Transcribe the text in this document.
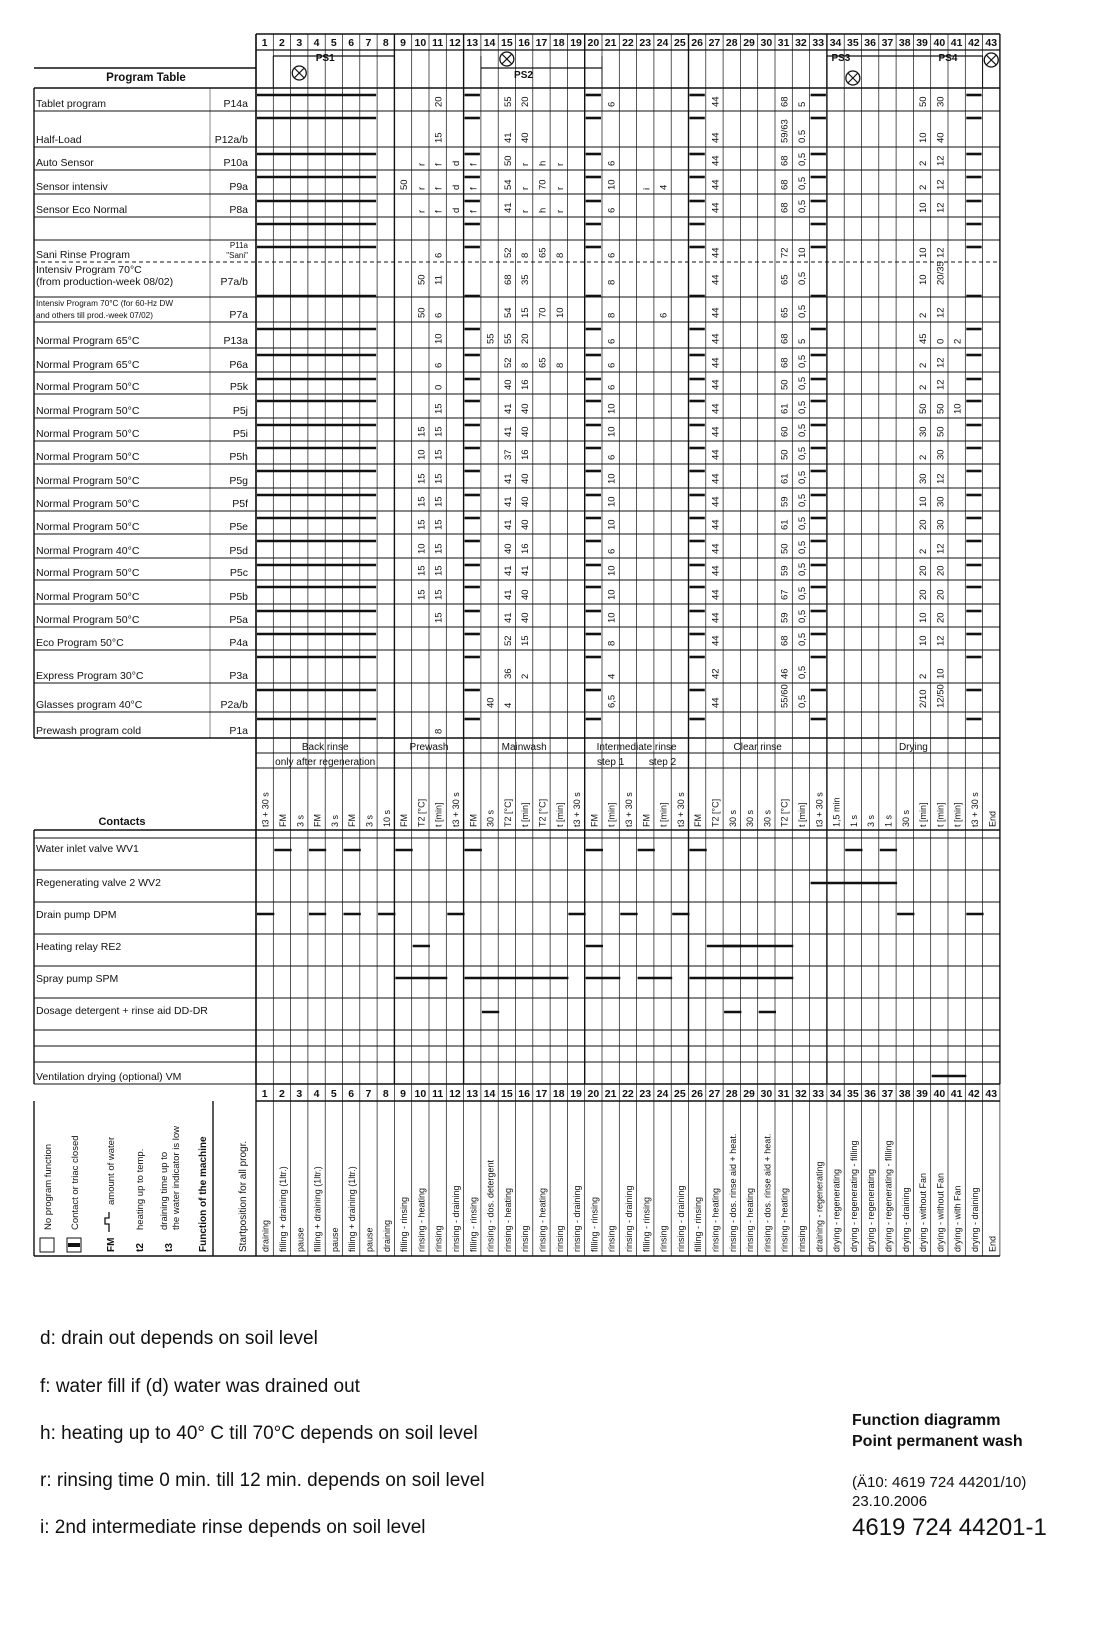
1 2 3 4 5 6 7 8 9 10 11 12 13 14 15 16 17 18 19 20 21 22 23 24 25 26 27 28 29 30 31 32 33 34 35 36 37 38 39 40 41 42 43
Program Table
PS1
PS2
PS3	PS4
Tablet program	P14a	20	55 20	6	44	68 5	50 30
Half-Load	P12a/b	15	41 40	44	59/63 0.5	10 40
Auto Sensor	P10a	r f d f 50 r h r	6	44	68 0,5	2 12
Sensor intensiv	P9a	50 r f d f 54 r 70 r	10 i 4	44	68 0,5	2 12
Sensor Eco Normal	P8a	r f d f 41 r h r	6	44	68 0,5	10 12
Sani Rinse Program
P11a
"Sani"	6	52 8 65 8	6	44	72 10	10 12
Intensiv Program 70°C
(from production-week 08/02)	P7a/b	50 11	68 35	8	44	65 0,5	10 20/35
Intensiv Program 70°C (for 60-Hz DW
and others till prod.-week 07/02)	P7a	50 6	54 15 70 10	8	6	44	65 0,5	2 12
Normal Program 65°C	P13a	10	55 55 20	6	44	68 5	45 0 2
Normal Program 65°C	P6a	6	52 8 65 8	6	44	68 0,5	2 12
Normal Program 50°C	P5k	0	40 16	6	44	50 0,5	2 12
Normal Program 50°C	P5j	15	41 40	10	44	61 0,5	50 50 10
Normal Program 50°C	P5i	15 15	41 40	10	44	60 0,5	30 50
Normal Program 50°C	P5h	10 15	37 16	6	44	50 0,5	2 30
Normal Program 50°C	P5g	15 15	41 40	10	44	61 0,5	30 12
Normal Program 50°C	P5f	15 15	41 40	10	44	59 0,5	10 30
Normal Program 50°C	P5e	15 15	41 40	10	44	61 0,5	20 30
Normal Program 40°C	P5d	10 15	40 16	6	44	50 0,5	2 12
Normal Program 50°C	P5c	15 15	41 41	10	44	59 0,5	20 20
Normal Program 50°C	P5b	15 15	41 40	10	44	67 0,5	20 20
Normal Program 50°C	P5a	15	41 40	10	44	59 0,5	10 20
Eco Program 50°C	P4a	52 15	8	44	68 0,5	10 12
Express Program 30°C	P3a	36 2	4	42	46 0,5	2 10
Glasses program 40°C	P2a/b	40 4	6,5	44	55/60 0,5	2/10 12/50
Prewash program cold	P1a	8
Back rinse	Prewash	Mainwash	Intermediate rinse	Clear rinse	Drying
only after regeneration	step 1 step 2
t3 + 30 s FM 3 s FM 3 s FM 3 s 10 s FM T2 [°C] t [min] t3 + 30 s FM 30 s T2 [°C] t [min] T2 [°C] t [min] t3 + 30 s FM t [min] t3 + 30 s FM t [min] t3 + 30 s FM T2 [°C] 30 s 30 s 30 s T2 [°C] t [min] t3 + 30 s 1,5 min 1 s 3 s 1 s 30 s t [min] t [min] t [min] t3 + 30 s End
Contacts
Water inlet valve WV1
Regenerating valve 2 WV2
Drain pump DPM
Heating relay RE2
Spray pump SPM
Dosage detergent + rinse aid DD-DR
Ventilation drying (optional) VM
1 2 3 4 5 6 7 8 9 10 11 12 13 14 15 16 17 18 19 20 21 22 23 24 25 26 27 28 29 30 31 32 33 34 35 36 37 38 39 40 41 42 43
Startposition for all progr. draining filling + draining (1ltr.) pause filling + draining (1ltr.) pause filling + draining (1ltr.) pause draining filling - rinsing rinsing - heating rinsing rinsing - draining filling - rinsing rinsing - dos. detergent rinsing - heating rinsing rinsing - heating rinsing rinsing - draining filling - rinsing rinsing rinsing - draining filling - rinsing rinsing rinsing - draining filling - rinsing rinsing - heating rinsing - dos. rinse aid + heat. rinsing - heating rinsing - dos. rinse aid + heat. rinsing - heating rinsing draining - regenerating drying - regenerating drying - regenerating - filling drying - regenerating drying - regenerating - filling drying - draining drying - without Fan drying - without Fan drying - with Fan drying - draining End
No program function Contact or triac closed
FM
amount of water
t2
heating up to temp.
t3
draining time up to the water indicator is low Function of the machine
d: drain out depends on soil level
f: water fill if (d) water was drained out
h: heating up to 40° C till 70°C depends on soil level
r: rinsing time 0 min. till 12 min. depends on soil level
i: 2nd intermediate rinse depends on soil level
Function diagramm
Point permanent wash
(Ä10: 4619 724 44201/10)
23.10.2006
4619 724 44201-1
